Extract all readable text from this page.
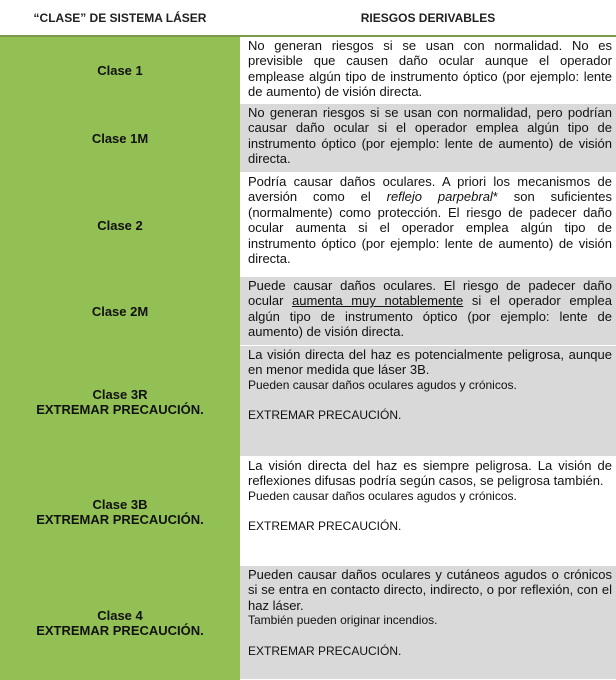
“CLASE” DE SISTEMA LÁSER	RIESGOS DERIVABLES
Clase 1

No generan riesgos si se usan con normalidad. No es previsible que causen daño ocular aunque el operador emplease algún tipo de instrumento óptico (por ejemplo: lente de aumento) de visión directa.

Clase 1M

No generan riesgos si se usan con normalidad, pero podrían causar daño ocular si el operador emplea algún tipo de instrumento óptico (por ejemplo: lente de aumento) de visión directa.

Clase 2

Podría causar daños oculares. A priori los mecanismos de aversión como el reflejo parpebral* son suficientes (normalmente) como protección. El riesgo de padecer daño ocular aumenta si el operador emplea algún tipo de instrumento óptico (por ejemplo: lente de aumento) de visión directa.

Clase 2M

Puede causar daños oculares. El riesgo de padecer daño ocular aumenta muy notablemente si el operador emplea algún tipo de instrumento óptico (por ejemplo: lente de aumento) de visión directa.

Clase 3R
EXTREMAR PRECAUCIÓN.

La visión directa del haz es potencialmente peligrosa, aunque en menor medida que láser 3B.

Pueden causar daños oculares agudos y crónicos.

EXTREMAR PRECAUCIÓN.

Clase 3B
EXTREMAR PRECAUCIÓN.

La visión directa del haz es siempre peligrosa. La visión de reflexiones difusas podría según casos, se peligrosa también.

Pueden causar daños oculares agudos y crónicos.

EXTREMAR PRECAUCIÓN.

Clase 4
EXTREMAR PRECAUCIÓN.

Pueden causar daños oculares y cutáneos agudos o crónicos si se entra en contacto directo, indirecto, o por reflexión, con el haz láser.

También pueden originar incendios.

EXTREMAR PRECAUCIÓN.
